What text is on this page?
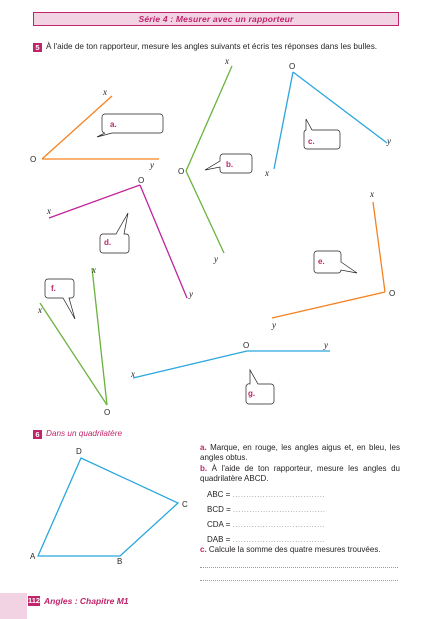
Série 4 : Mesurer avec un rapporteur
5 À l'aide de ton rapporteur, mesure les angles suivants et écris tes réponses dans les bulles.
O
x
y
a.
O
x
y
b.
O
x
y
c.
O
x
y
d.
O
x
y
e.
O
x
x
f.
O	y
x
g.
A
B
C
D
6 Dans un quadrilatère
a. Marque, en rouge, les angles aigus et, en bleu, les angles obtus.
b. À l'aide de ton rapporteur, mesure les angles du quadrilatère ABCD.
ABC = ..................................
BCD = ..................................
CDA = ..................................
DAB = ..................................
c. Calcule la somme des quatre mesures trouvées.
112 Angles : Chapitre M1
